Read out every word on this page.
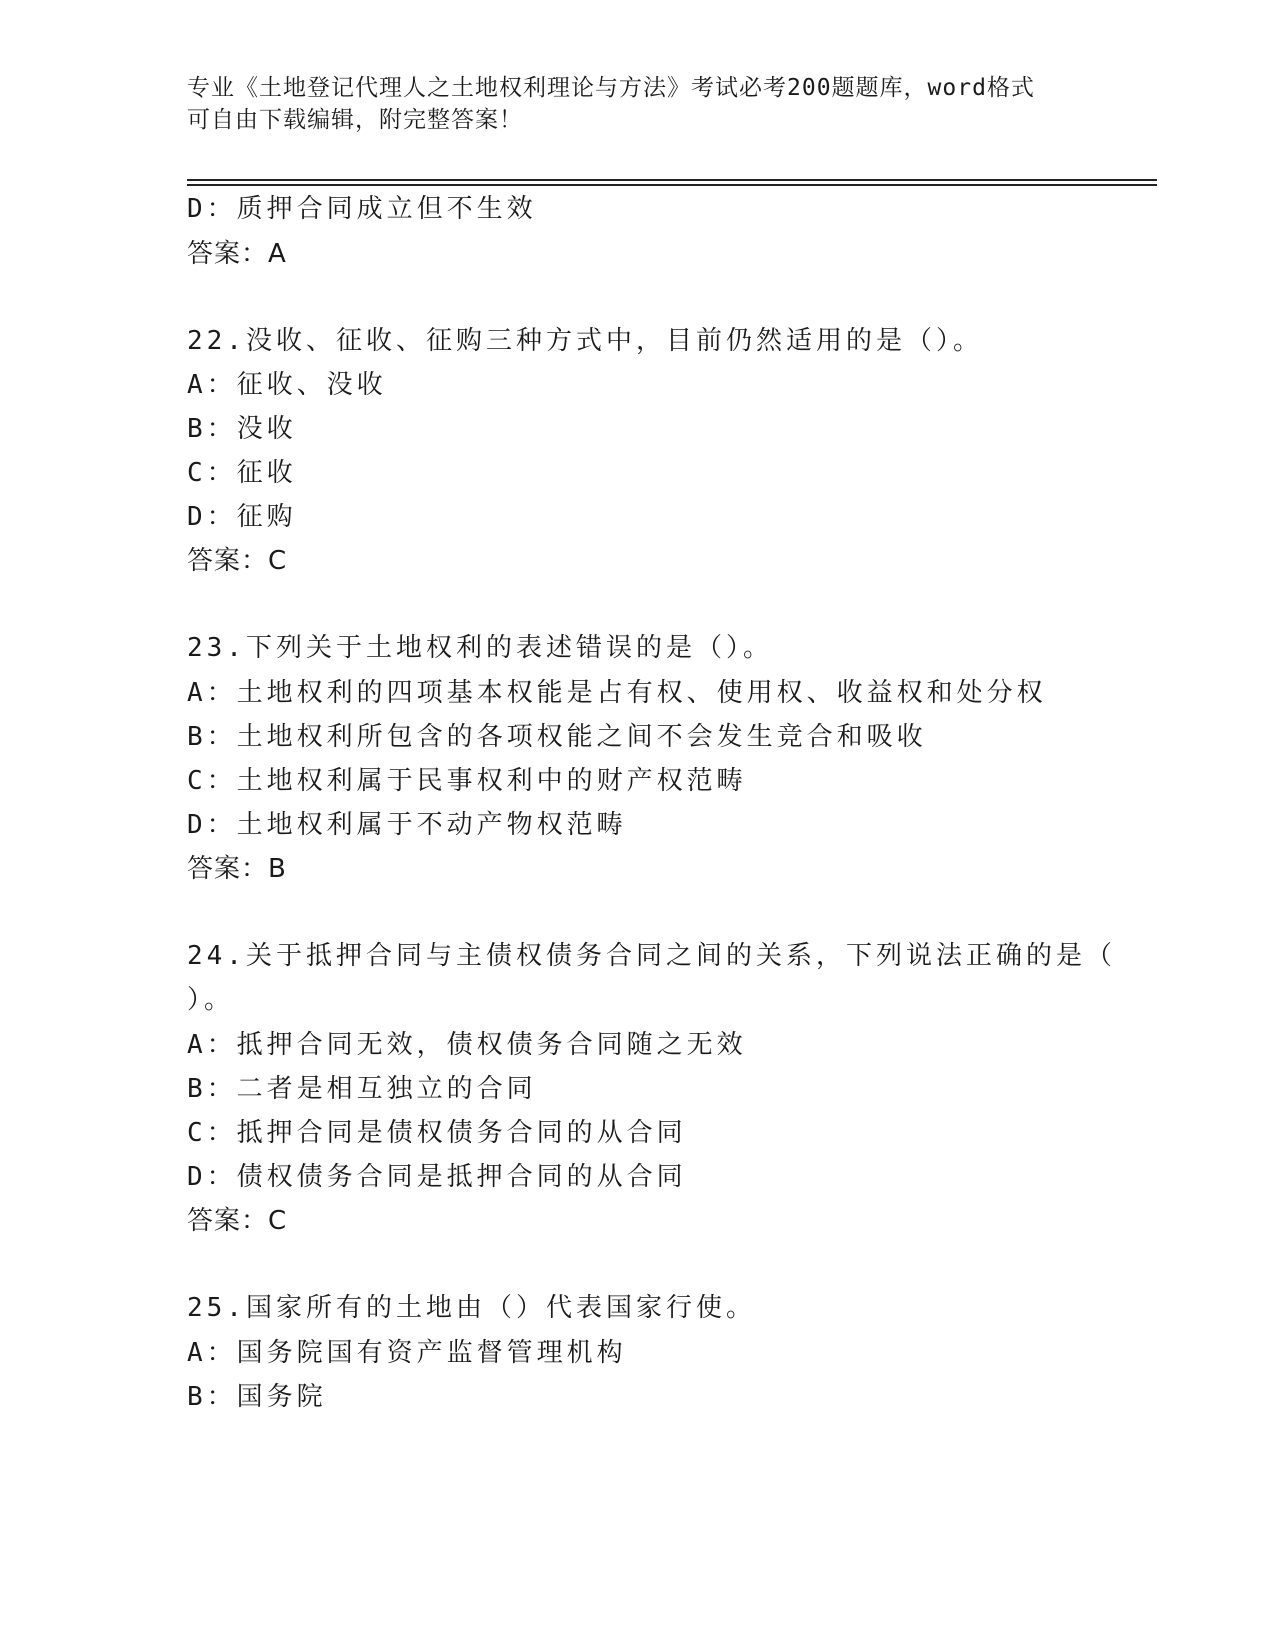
专业《土地登记代理人之土地权利理论与方法》考试必考200题题库，word格式
可自由下载编辑，附完整答案！
D：质押合同成立但不生效
答案：A
22.没收、征收、征购三种方式中，目前仍然适用的是（）。
A：征收、没收
B：没收
C：征收
D：征购
答案：C
23.下列关于土地权利的表述错误的是（）。
A：土地权利的四项基本权能是占有权、使用权、收益权和处分权
B：土地权利所包含的各项权能之间不会发生竞合和吸收
C：土地权利属于民事权利中的财产权范畴
D：土地权利属于不动产物权范畴
答案：B
24.关于抵押合同与主债权债务合同之间的关系，下列说法正确的是（
）。
A：抵押合同无效，债权债务合同随之无效
B：二者是相互独立的合同
C：抵押合同是债权债务合同的从合同
D：债权债务合同是抵押合同的从合同
答案：C
25.国家所有的土地由（）代表国家行使。
A：国务院国有资产监督管理机构
B：国务院
